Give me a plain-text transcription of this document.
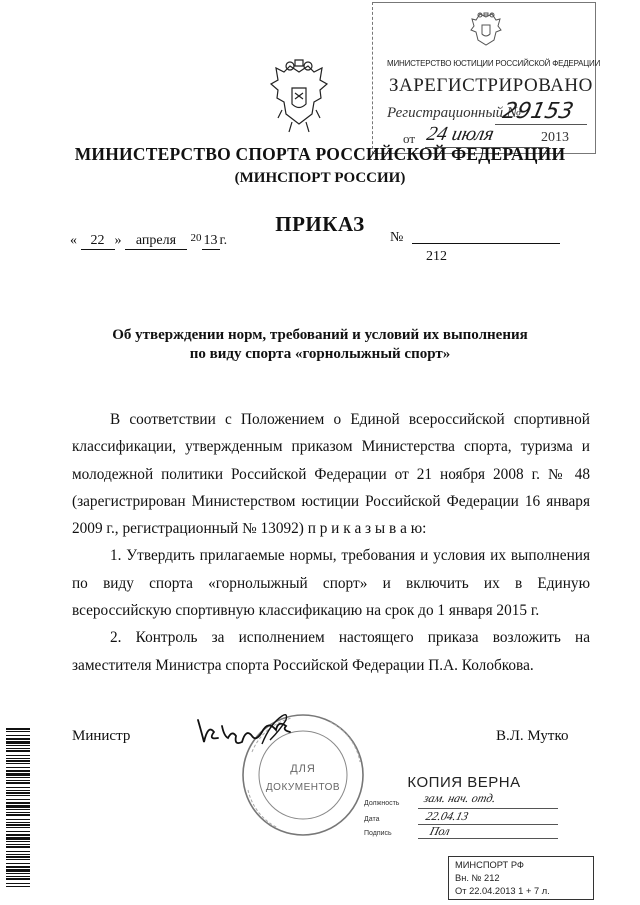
МИНИСТЕРСТВО ЮСТИЦИИ РОССИЙСКОЙ ФЕДЕРАЦИИ
ЗАРЕГИСТРИРОВАНО
Регистрационный №
29153
от 24 июля	2013
МИНИСТЕРСТВО СПОРТА РОССИЙСКОЙ ФЕДЕРАЦИИ
(МИНСПОРТ РОССИИ)
ПРИКАЗ
« 22 » апреля $^{20}$ 13 г.	№
212
Об утверждении норм, требований и условий их выполнения
по виду спорта «горнолыжный спорт»

В соответствии с Положением о Единой всероссийской спортивной классификации, утвержденным приказом Министерства спорта, туризма и молодежной политики Российской Федерации от 21 ноября 2008 г. № 48 (зарегистрирован Министерством юстиции Российской Федерации 16 января 2009 г., регистрационный № 13092) п р и к а з ы в а ю:

1. Утвердить прилагаемые нормы, требования и условия их выполнения по виду спорта «горнолыжный спорт» и включить их в Единую всероссийскую спортивную классификацию на срок до 1 января 2015 г.

2. Контроль за исполнением настоящего приказа возложить на заместителя Министра спорта Российской Федерации П.А. Колобкова.

ДЛЯ
ДОКУМЕНТОВ
Министр	В.Л. Мутко
КОПИЯ ВЕРНА
Должность зам. нач. отд.
Дата	22.04.13
Подпись	Пол
МИНСПОРТ РФ
Вн. № 212
От 22.04.2013 1 + 7 л.
